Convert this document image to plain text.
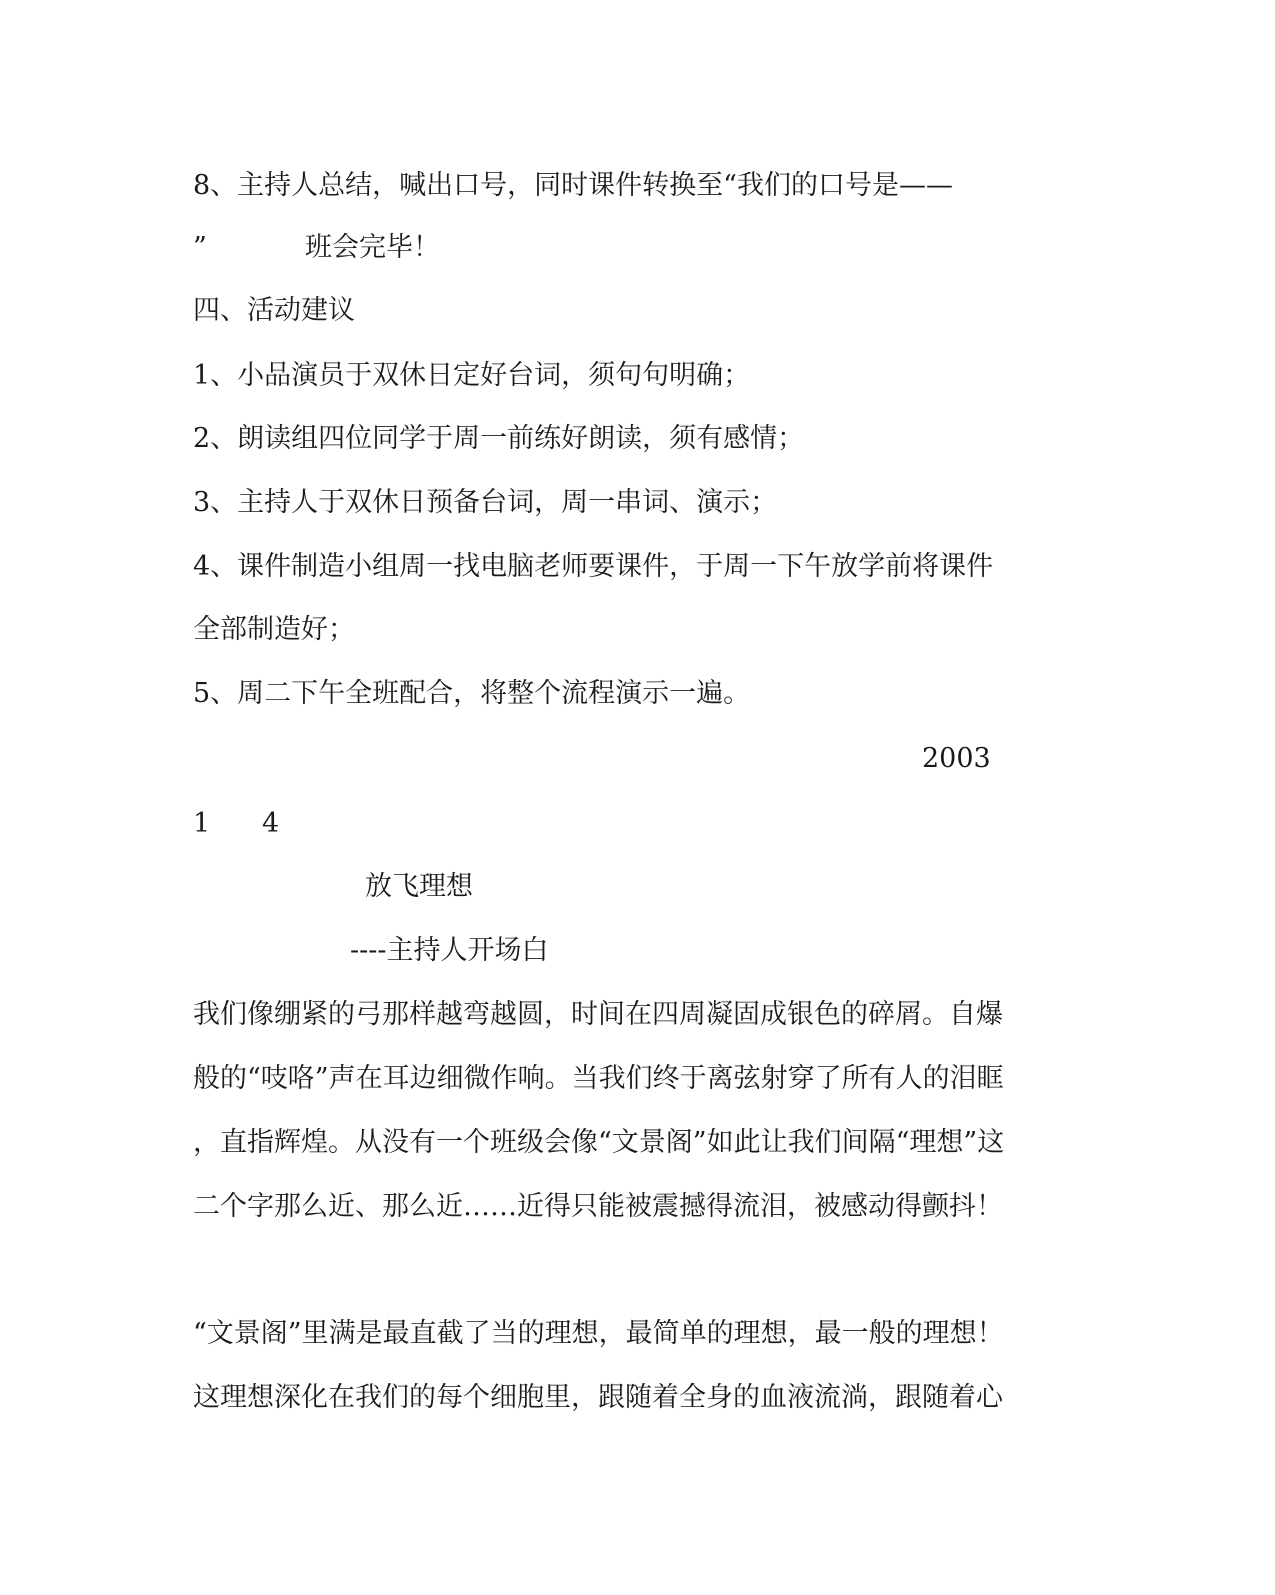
8、主持人总结，喊出口号，同时课件转换至“我们的口号是——
”	班会完毕！
四、活动建议
1、小品演员于双休日定好台词，须句句明确；
2、朗读组四位同学于周一前练好朗读，须有感情；
3、主持人于双休日预备台词，周一串词、演示；
4、课件制造小组周一找电脑老师要课件，于周一下午放学前将课件
全部制造好；
5、周二下午全班配合，将整个流程演示一遍。
2003
1 4
放飞理想
----主持人开场白
我们像绷紧的弓那样越弯越圆，时间在四周凝固成银色的碎屑。自爆
般的“吱咯”声在耳边细微作响。当我们终于离弦射穿了所有人的泪眶
，直指辉煌。从没有一个班级会像“文景阁”如此让我们间隔“理想”这
二个字那么近、那么近……近得只能被震撼得流泪，被感动得颤抖！
“文景阁”里满是最直截了当的理想，最简单的理想，最一般的理想！
这理想深化在我们的每个细胞里，跟随着全身的血液流淌，跟随着心
